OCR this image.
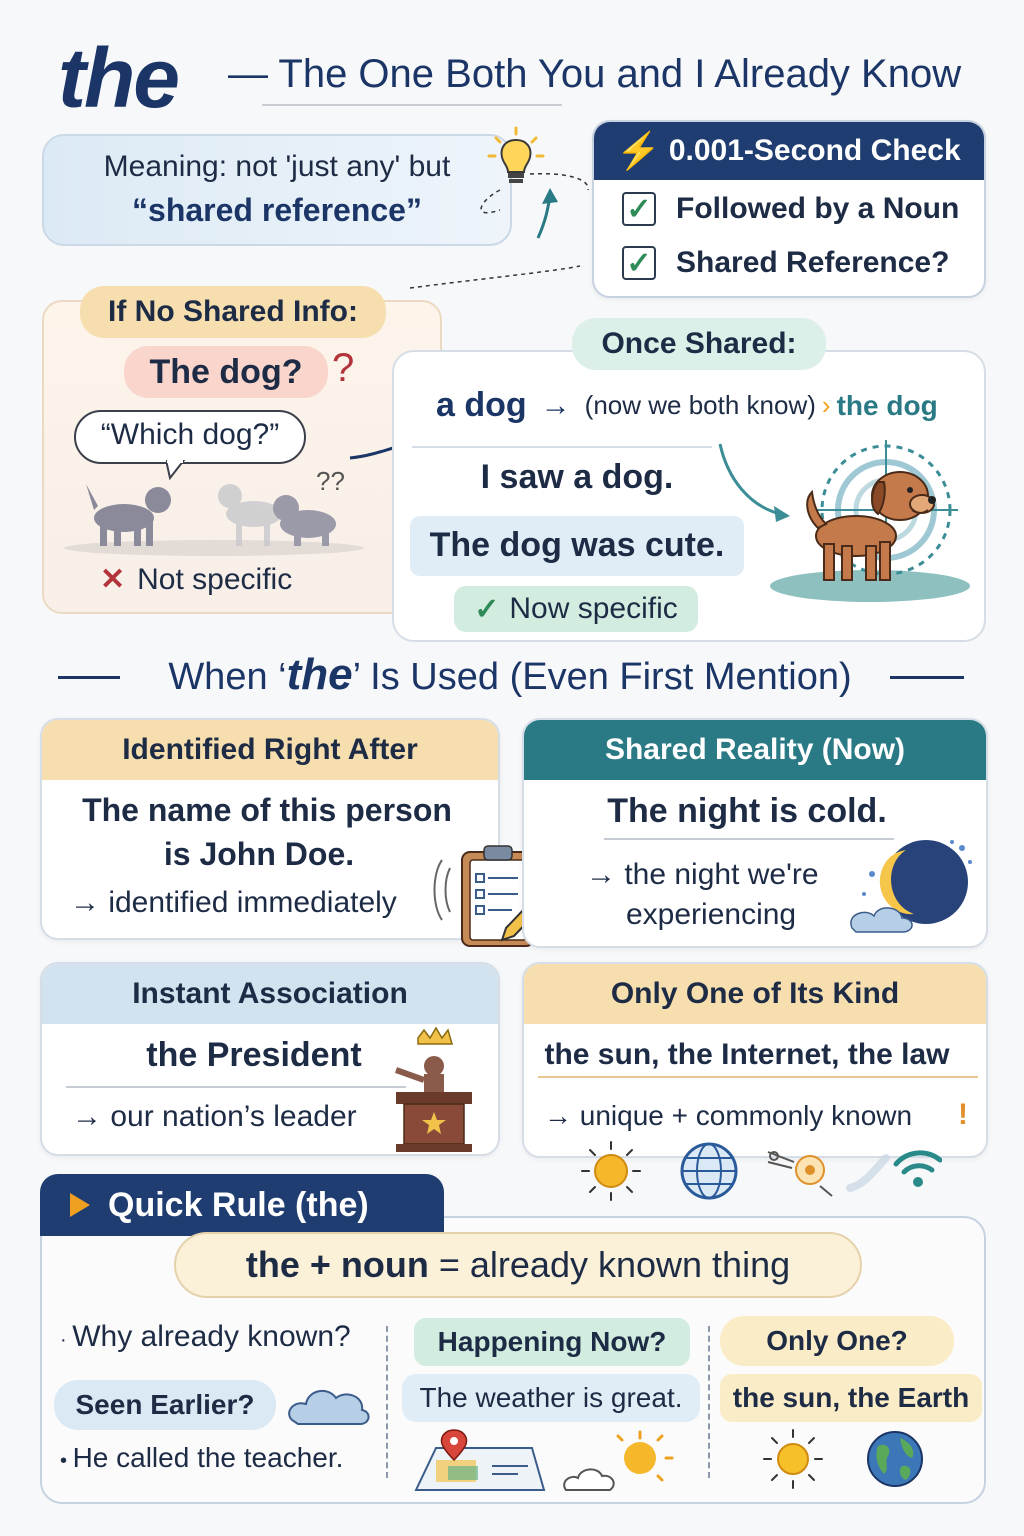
the — The One Both You and I Already Know
Meaning: not 'just any' but
“shared reference”
⚡ 0.001-Second Check
✓ Followed by a Noun
✓ Shared Reference?
If No Shared Info:
The dog? ?
“Which dog?”
??
✕ Not specific
Once Shared:
a dog → (now we both know) › the dog
I saw a dog.
The dog was cute.
✓ Now specific
When ‘the’ Is Used (Even First Mention)
Identified Right After
The name of this person
is John Doe.
→ identified immediately
Shared Reality (Now)
The night is cold.
→ the night we're
experiencing
Instant Association
the President
→ our nation’s leader
Only One of Its Kind
the sun, the Internet, the law
→ unique + commonly known !
Quick Rule (the)
the + noun = already known thing
· Why already known?
Seen Earlier?
• He called the teacher.
Happening Now?
The weather is great.
Only One?
the sun, the Earth
